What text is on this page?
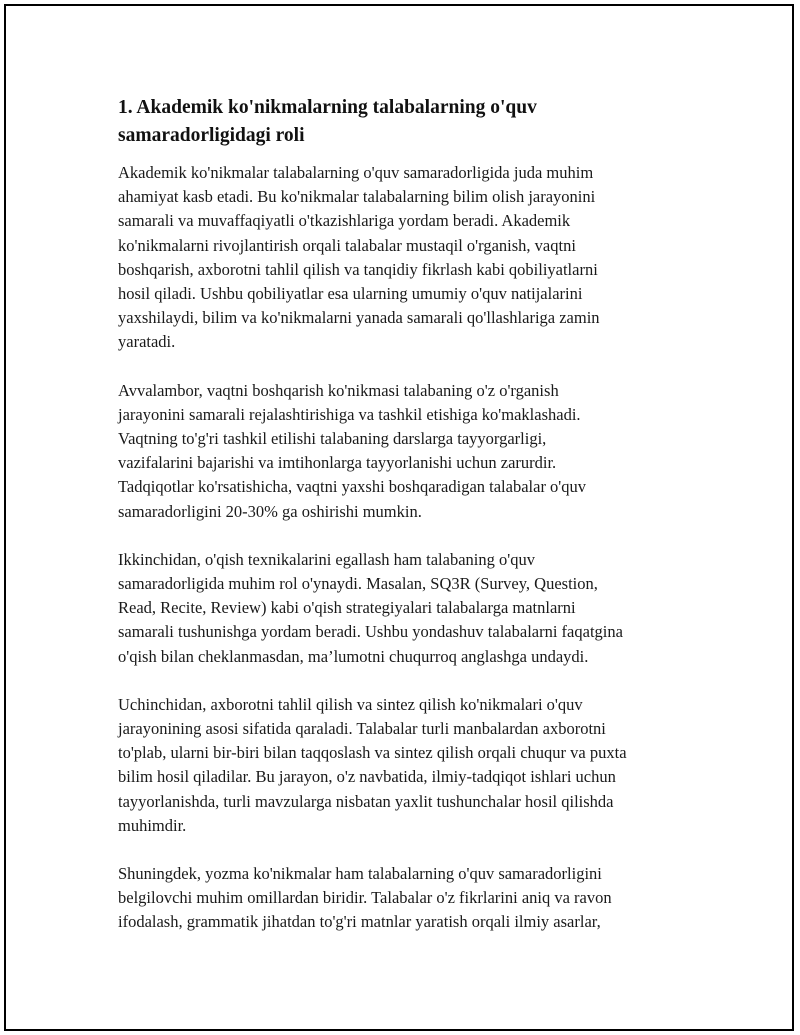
1. Akademik ko'nikmalarning talabalarning o'quv
samaradorligidagi roli

Akademik ko'nikmalar talabalarning o'quv samaradorligida juda muhim
ahamiyat kasb etadi. Bu ko'nikmalar talabalarning bilim olish jarayonini
samarali va muvaffaqiyatli o'tkazishlariga yordam beradi. Akademik
ko'nikmalarni rivojlantirish orqali talabalar mustaqil o'rganish, vaqtni
boshqarish, axborotni tahlil qilish va tanqidiy fikrlash kabi qobiliyatlarni
hosil qiladi. Ushbu qobiliyatlar esa ularning umumiy o'quv natijalarini
yaxshilaydi, bilim va ko'nikmalarni yanada samarali qo'llashlariga zamin
yaratadi.

Avvalambor, vaqtni boshqarish ko'nikmasi talabaning o'z o'rganish
jarayonini samarali rejalashtirishiga va tashkil etishiga ko'maklashadi.
Vaqtning to'g'ri tashkil etilishi talabaning darslarga tayyorgarligi,
vazifalarini bajarishi va imtihonlarga tayyorlanishi uchun zarurdir.
Tadqiqotlar ko'rsatishicha, vaqtni yaxshi boshqaradigan talabalar o'quv
samaradorligini 20-30% ga oshirishi mumkin.

Ikkinchidan, o'qish texnikalarini egallash ham talabaning o'quv
samaradorligida muhim rol o'ynaydi. Masalan, SQ3R (Survey, Question,
Read, Recite, Review) kabi o'qish strategiyalari talabalarga matnlarni
samarali tushunishga yordam beradi. Ushbu yondashuv talabalarni faqatgina
o'qish bilan cheklanmasdan, ma’lumotni chuqurroq anglashga undaydi.

Uchinchidan, axborotni tahlil qilish va sintez qilish ko'nikmalari o'quv
jarayonining asosi sifatida qaraladi. Talabalar turli manbalardan axborotni
to'plab, ularni bir-biri bilan taqqoslash va sintez qilish orqali chuqur va puxta
bilim hosil qiladilar. Bu jarayon, o'z navbatida, ilmiy-tadqiqot ishlari uchun
tayyorlanishda, turli mavzularga nisbatan yaxlit tushunchalar hosil qilishda
muhimdir.

Shuningdek, yozma ko'nikmalar ham talabalarning o'quv samaradorligini
belgilovchi muhim omillardan biridir. Talabalar o'z fikrlarini aniq va ravon
ifodalash, grammatik jihatdan to'g'ri matnlar yaratish orqali ilmiy asarlar,
